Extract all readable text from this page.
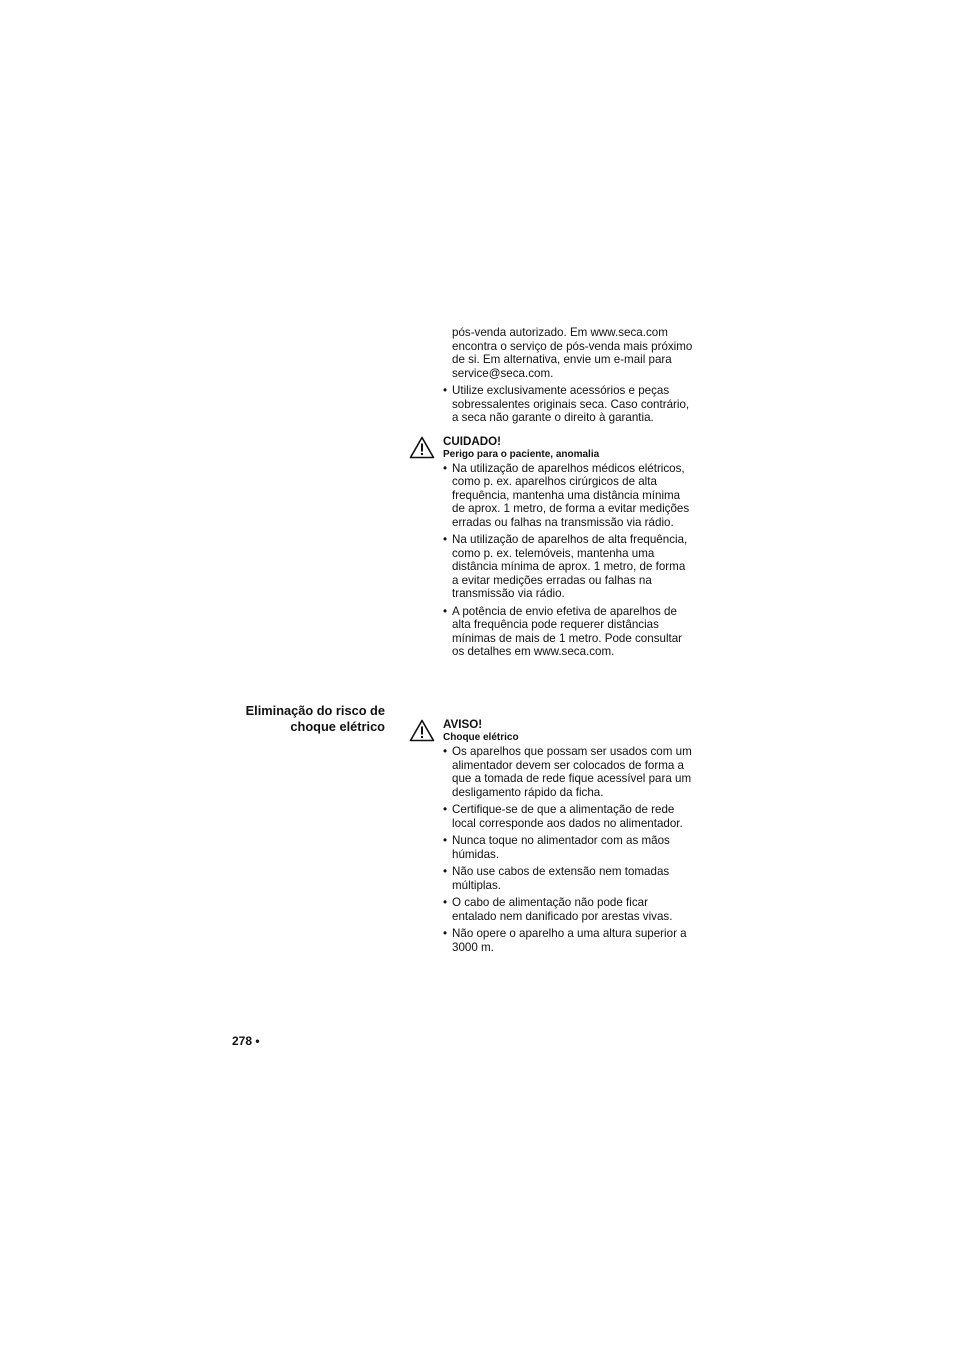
pós-venda autorizado. Em www.seca.com encontra o serviço de pós-venda mais próximo de si. Em alternativa, envie um e-mail para service@seca.com.

• Utilize exclusivamente acessórios e peças sobressalentes originais seca. Caso contrário, a seca não garante o direito à garantia.
CUIDADO!
Perigo para o paciente, anomalia
• Na utilização de aparelhos médicos elétricos, como p. ex. aparelhos cirúrgicos de alta frequência, mantenha uma distância mínima de aprox. 1 metro, de forma a evitar medições erradas ou falhas na transmissão via rádio.
• Na utilização de aparelhos de alta frequência, como p. ex. telemóveis, mantenha uma distância mínima de aprox. 1 metro, de forma a evitar medições erradas ou falhas na transmissão via rádio.
• A potência de envio efetiva de aparelhos de alta frequência pode requerer distâncias mínimas de mais de 1 metro. Pode consultar os detalhes em www.seca.com.
Eliminação do risco de choque elétrico	AVISO!
Choque elétrico
• Os aparelhos que possam ser usados com um alimentador devem ser colocados de forma a que a tomada de rede fique acessível para um desligamento rápido da ficha.
• Certifique-se de que a alimentação de rede local corresponde aos dados no alimentador.
• Nunca toque no alimentador com as mãos húmidas.
• Não use cabos de extensão nem tomadas múltiplas.
• O cabo de alimentação não pode ficar entalado nem danificado por arestas vivas.
• Não opere o aparelho a uma altura superior a 3000 m.
278 •
